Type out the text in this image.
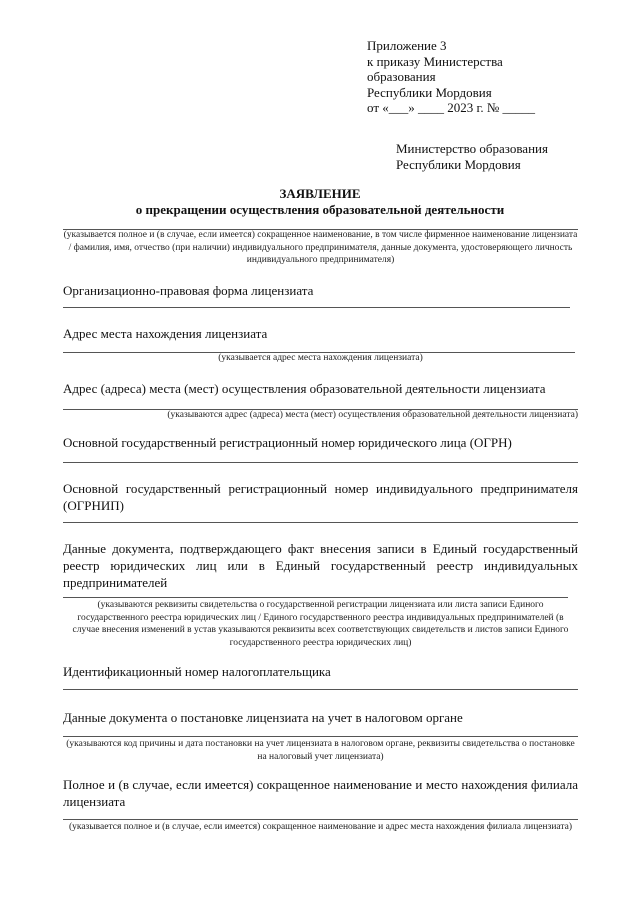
Приложение 3
к приказу Министерства
образования
Республики Мордовия
от «___» ____ 2023 г. № _____
Министерство образования
Республики Мордовия
ЗАЯВЛЕНИЕ
о прекращении осуществления образовательной деятельности
(указывается полное и (в случае, если имеется) сокращенное наименование, в том числе фирменное наименование лицензиата / фамилия, имя, отчество (при наличии) индивидуального предпринимателя, данные документа, удостоверяющего личность индивидуального предпринимателя)
Организационно-правовая форма лицензиата
Адрес места нахождения лицензиата
(указывается адрес места нахождения лицензиата)
Адрес (адреса) места (мест) осуществления образовательной деятельности лицензиата
(указываются адрес (адреса) места (мест) осуществления образовательной деятельности лицензиата)
Основной государственный регистрационный номер юридического лица (ОГРН)
Основной государственный регистрационный номер индивидуального предпринимателя (ОГРНИП)
Данные документа, подтверждающего факт внесения записи в Единый государственный реестр юридических лиц или в Единый государственный реестр индивидуальных предпринимателей
(указываются реквизиты свидетельства о государственной регистрации лицензиата или листа записи Единого государственного реестра юридических лиц / Единого государственного реестра индивидуальных предпринимателей (в случае внесения изменений в устав указываются реквизиты всех соответствующих свидетельств и листов записи Единого государственного реестра юридических лиц)
Идентификационный номер налогоплательщика
Данные документа о постановке лицензиата на учет в налоговом органе
(указываются код причины и дата постановки на учет лицензиата в налоговом органе, реквизиты свидетельства о постановке на налоговый учет лицензиата)
Полное и (в случае, если имеется) сокращенное наименование и место нахождения филиала лицензиата
(указывается полное и (в случае, если имеется) сокращенное наименование и адрес места нахождения филиала лицензиата)
